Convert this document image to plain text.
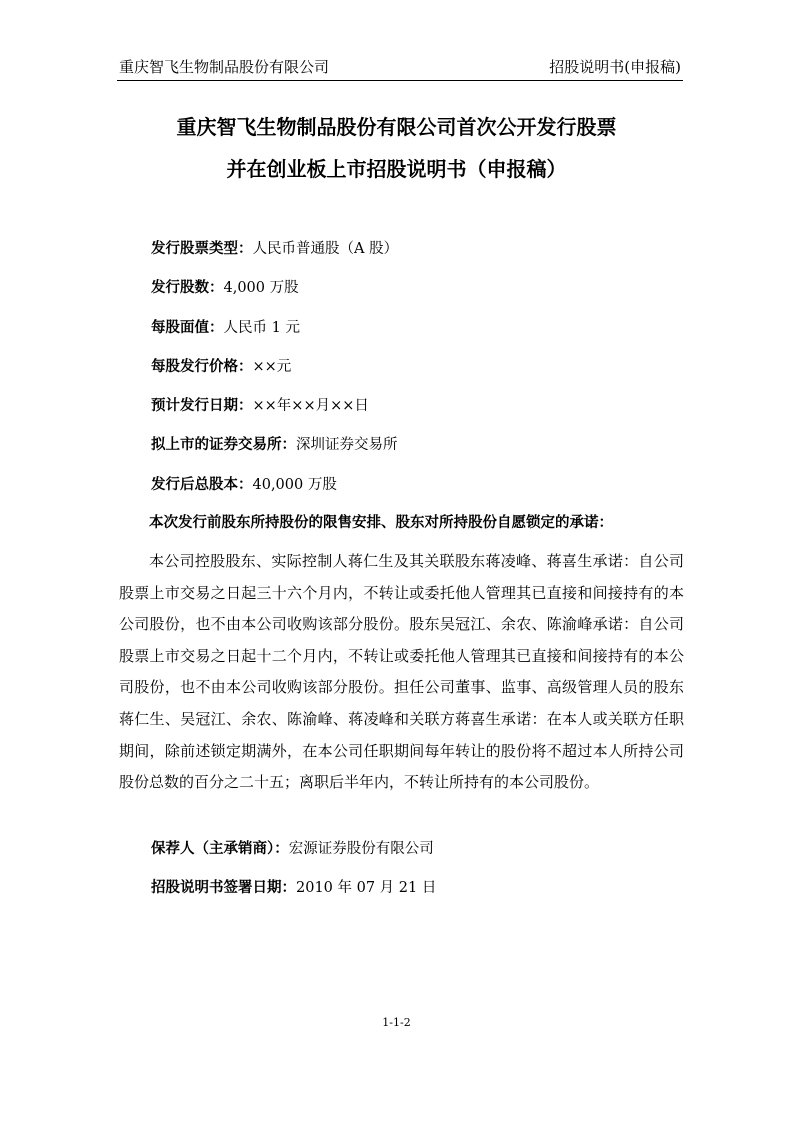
重庆智飞生物制品股份有限公司	招股说明书(申报稿)
重庆智飞生物制品股份有限公司首次公开发行股票
并在创业板上市招股说明书（申报稿）
发行股票类型：人民币普通股（A 股）
发行股数：4,000 万股
每股面值：人民币 1 元
每股发行价格：××元
预计发行日期：××年××月××日
拟上市的证券交易所：深圳证券交易所
发行后总股本：40,000 万股
本次发行前股东所持股份的限售安排、股东对所持股份自愿锁定的承诺：

本公司控股股东、实际控制人蒋仁生及其关联股东蒋凌峰、蒋喜生承诺：自公司股票上市交易之日起三十六个月内，不转让或委托他人管理其已直接和间接持有的本公司股份，也不由本公司收购该部分股份。股东吴冠江、余农、陈渝峰承诺：自公司股票上市交易之日起十二个月内，不转让或委托他人管理其已直接和间接持有的本公司股份，也不由本公司收购该部分股份。担任公司董事、监事、高级管理人员的股东蒋仁生、吴冠江、余农、陈渝峰、蒋凌峰和关联方蒋喜生承诺：在本人或关联方任职期间，除前述锁定期满外，在本公司任职期间每年转让的股份将不超过本人所持公司股份总数的百分之二十五；离职后半年内，不转让所持有的本公司股份。

保荐人（主承销商）：宏源证券股份有限公司
招股说明书签署日期：2010 年 07 月 21 日
1-1-2
